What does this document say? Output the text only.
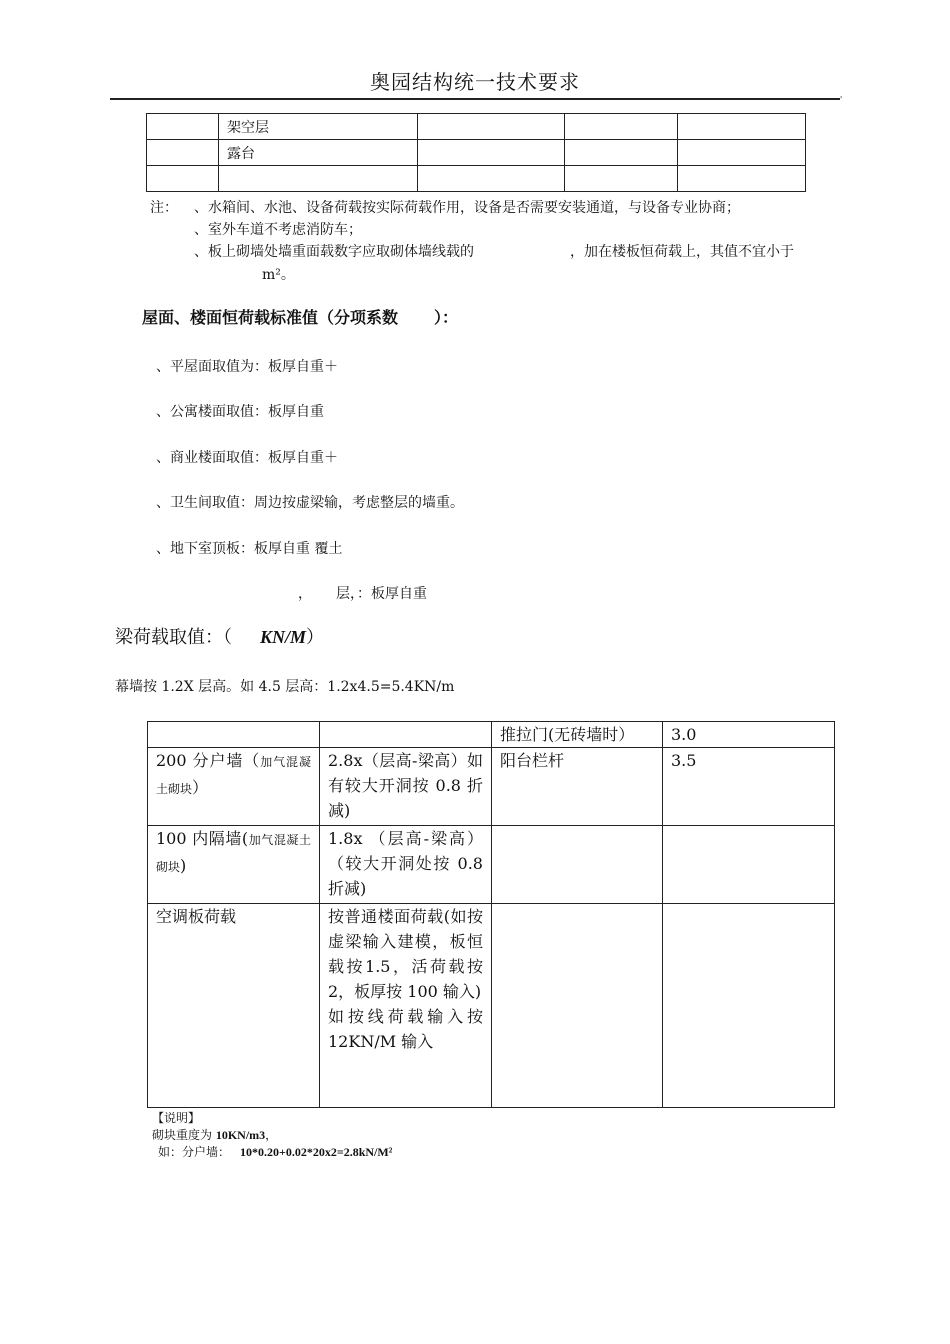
奥园结构统一技术要求
'
	架空层			
	露台			

注： 、水箱间、水池、设备荷载按实际荷载作用，设备是否需要安装通道，与设备专业协商；
、室外车道不考虑消防车；
、板上砌墙处墙重面载数字应取砌体墙线载的	，加在楼板恒荷载上，其值不宜小于
m²。
屋面、楼面恒荷载标准值（分项系数 ）：
、平屋面取值为：板厚自重＋
、公寓楼面取值：板厚自重
、商业楼面取值：板厚自重＋
、卫生间取值：周边按虚梁输，考虑整层的墙重。
、地下室顶板：板厚自重 覆土
， 层，：板厚自重
梁荷载取值：（ KN/M）
幕墙按 1.2X 层高。如 4.5 层高：1.2x4.5=5.4KN/m
		推拉门(无砖墙时）	3.0
200 分户墙（加气混凝土砌块）	2.8x（层高-梁高）如有较大开洞按 0.8 折减)	阳台栏杆	3.5
100 内隔墙(加气混凝土砌块)	1.8x （层高-梁高）（较大开洞处按 0.8 折减)		
空调板荷载	按普通楼面荷载(如按虚梁输入建模，板恒载按1.5，活荷载按 2，板厚按 100 输入)
如按线荷载输入按 12KN/M 输入		

【说明】
砌块重度为 10KN/m3，
如：分户墙： 10*0.20+0.02*20x2=2.8kN/M²
